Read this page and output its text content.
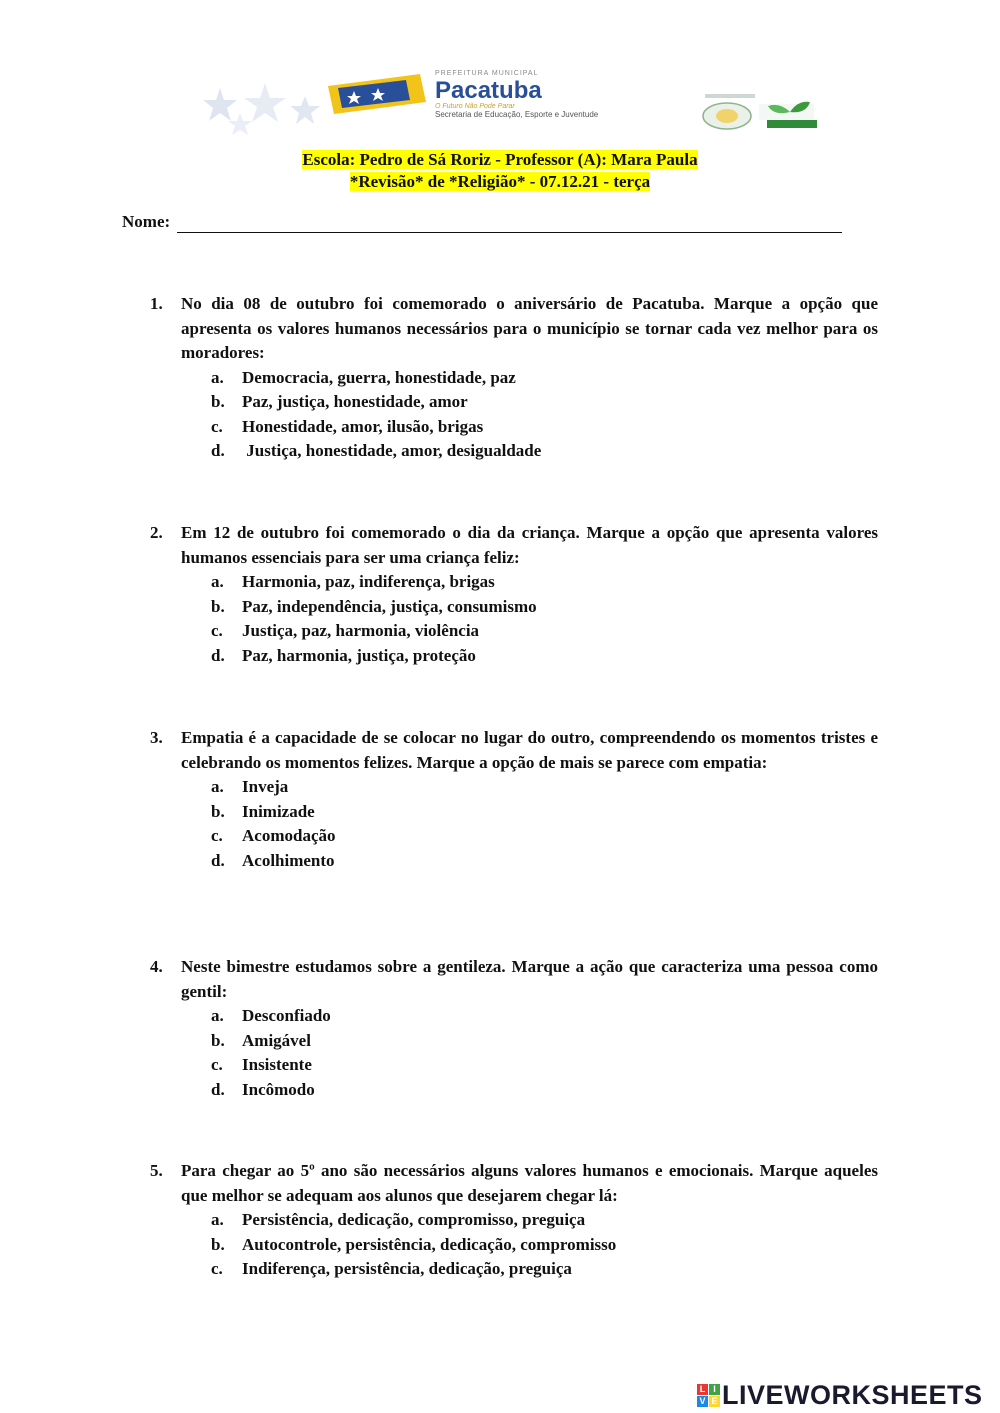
PREFEITURA MUNICIPAL
Pacatuba
O Futuro Não Pode Parar
Secretaria de Educação, Esporte e Juventude
Escola: Pedro de Sá Roriz - Professor (A): Mara Paula
*Revisão* de *Religião* - 07.12.21 - terça
Nome:
1. No dia 08 de outubro foi comemorado o aniversário de Pacatuba. Marque a opção que apresenta os valores humanos necessários para o município se tornar cada vez melhor para os moradores:
a. Democracia, guerra, honestidade, paz
b. Paz, justiça, honestidade, amor
c. Honestidade, amor, ilusão, brigas
d. Justiça, honestidade, amor, desigualdade
2. Em 12 de outubro foi comemorado o dia da criança. Marque a opção que apresenta valores humanos essenciais para ser uma criança feliz:
a. Harmonia, paz, indiferença, brigas
b. Paz, independência, justiça, consumismo
c. Justiça, paz, harmonia, violência
d. Paz, harmonia, justiça, proteção
3. Empatia é a capacidade de se colocar no lugar do outro, compreendendo os momentos tristes e celebrando os momentos felizes. Marque a opção de mais se parece com empatia:
a. Inveja
b. Inimizade
c. Acomodação
d. Acolhimento
4. Neste bimestre estudamos sobre a gentileza. Marque a ação que caracteriza uma pessoa como gentil:
a. Desconfiado
b. Amigável
c. Insistente
d. Incômodo
5. Para chegar ao 5º ano são necessários alguns valores humanos e emocionais. Marque aqueles que melhor se adequam aos alunos que desejarem chegar lá:
a. Persistência, dedicação, compromisso, preguiça
b. Autocontrole, persistência, dedicação, compromisso
c. Indiferença, persistência, dedicação, preguiça
L I
V E LIVEWORKSHEETS
